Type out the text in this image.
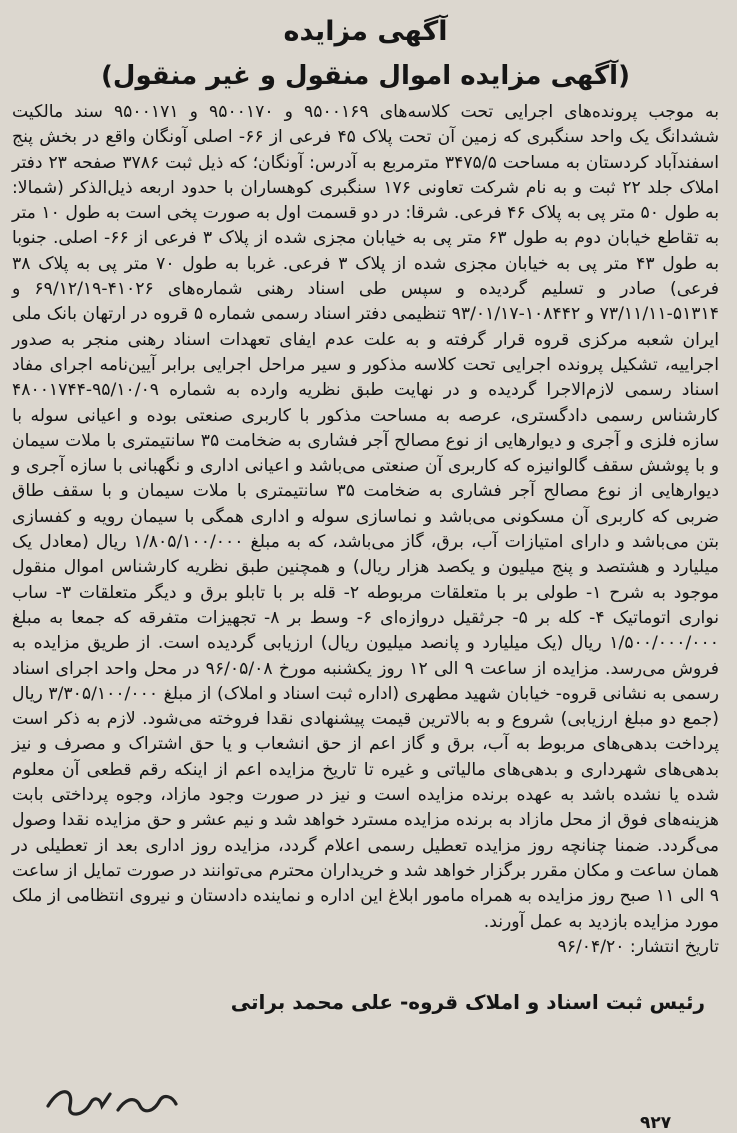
آگهی مزایده
(آگهی مزایده اموال منقول و غیر منقول)

به موجب پرونده‌های اجرایی تحت کلاسه‌های ۹۵۰۰۱۶۹ و ۹۵۰۰۱۷۰ و ۹۵۰۰۱۷۱ سند مالکیت ششدانگ یک واحد سنگبری که زمین آن تحت پلاک ۴۵ فرعی از ۶۶- اصلی آونگان واقع در بخش پنج اسفندآباد کردستان به مساحت ۳۴۷۵/۵ مترمربع به آدرس: آونگان؛ که ذیل ثبت ۳۷۸۶ صفحه ۲۳ دفتر املاک جلد ۲۲ ثبت و به نام شرکت تعاونی ۱۷۶ سنگبری کوهساران با حدود اربعه ذیل‌الذکر (شمالا: به طول ۵۰ متر پی به پلاک ۴۶ فرعی. شرقا: در دو قسمت اول به صورت پخی است به طول ۱۰ متر به تقاطع خیابان دوم به طول ۶۳ متر پی به خیابان مجزی شده از پلاک ۳ فرعی از ۶۶- اصلی. جنوبا به طول ۴۳ متر پی به خیابان مجزی شده از پلاک ۳ فرعی. غربا به طول ۷۰ متر پی به پلاک ۳۸ فرعی) صادر و تسلیم گردیده و سپس طی اسناد رهنی شماره‌های ۴۱۰۲۶-۶۹/۱۲/۱۹ و ۵۱۳۱۴-۷۳/۱۱/۱۱ و ۱۰۸۴۴۲-۹۳/۰۱/۱۷ تنظیمی دفتر اسناد رسمی شماره ۵ قروه در ارتهان بانک ملی ایران شعبه مرکزی قروه قرار گرفته و به علت عدم ایفای تعهدات اسناد رهنی منجر به صدور اجراییه، تشکیل پرونده اجرایی تحت کلاسه مذکور و سیر مراحل اجرایی برابر آیین‌نامه اجرای مفاد اسناد رسمی لازم‌الاجرا گردیده و در نهایت طبق نظریه وارده به شماره ۹۵/۱۰/۰۹-۴۸۰۰۱۷۴۴ کارشناس رسمی دادگستری، عرصه به مساحت مذکور با کاربری صنعتی بوده و اعیانی سوله با سازه فلزی و آجری و دیوارهایی از نوع مصالح آجر فشاری به ضخامت ۳۵ سانتیمتری با ملات سیمان و با پوشش سقف گالوانیزه که کاربری آن صنعتی می‌باشد و اعیانی اداری و نگهبانی با سازه آجری و دیوارهایی از نوع مصالح آجر فشاری به ضخامت ۳۵ سانتیمتری با ملات سیمان و با سقف طاق ضربی که کاربری آن مسکونی می‌باشد و نماسازی سوله و اداری همگی با سیمان رویه و کفسازی بتن می‌باشد و دارای امتیازات آب، برق، گاز می‌باشد، که به مبلغ ۱/۸۰۵/۱۰۰/۰۰۰ ریال (معادل یک میلیارد و هشتصد و پنج میلیون و یکصد هزار ریال) و همچنین طبق نظریه کارشناس اموال منقول موجود به شرح ۱- طولی بر با متعلقات مربوطه ۲- قله بر با تابلو برق و دیگر متعلقات ۳- ساب نواری اتوماتیک ۴- کله بر ۵- جرثقیل دروازه‌ای ۶- وسط بر ۸- تجهیزات متفرقه که جمعا به مبلغ ۱/۵۰۰/۰۰۰/۰۰۰ ریال (یک میلیارد و پانصد میلیون ریال) ارزیابی گردیده است. از طریق مزایده به فروش می‌رسد. مزایده از ساعت ۹ الی ۱۲ روز یکشنبه مورخ ۹۶/۰۵/۰۸ در محل واحد اجرای اسناد رسمی به نشانی قروه- خیابان شهید مطهری (اداره ثبت اسناد و املاک) از مبلغ ۳/۳۰۵/۱۰۰/۰۰۰ ریال (جمع دو مبلغ ارزیابی) شروع و به بالاترین قیمت پیشنهادی نقدا فروخته می‌شود. لازم به ذکر است پرداخت بدهی‌های مربوط به آب، برق و گاز اعم از حق انشعاب و یا حق اشتراک و مصرف و نیز بدهی‌های شهرداری و بدهی‌های مالیاتی و غیره تا تاریخ مزایده اعم از اینکه رقم قطعی آن معلوم شده یا نشده باشد به عهده برنده مزایده است و نیز در صورت وجود مازاد، وجوه پرداختی بابت هزینه‌های فوق از محل مازاد به برنده مزایده مسترد خواهد شد و نیم عشر و حق مزایده نقدا وصول می‌گردد. ضمنا چنانچه روز مزایده تعطیل رسمی اعلام گردد، مزایده روز اداری بعد از تعطیلی در همان ساعت و مکان مقرر برگزار خواهد شد و خریداران محترم می‌توانند در صورت تمایل از ساعت ۹ الی ۱۱ صبح روز مزایده به همراه مامور ابلاغ این اداره و نماینده دادستان و نیروی انتظامی از ملک مورد مزایده بازدید به عمل آورند.

تاریخ انتشار: ۹۶/۰۴/۲۰

رئیس ثبت اسناد و املاک قروه- علی محمد براتی

۹۲۷
